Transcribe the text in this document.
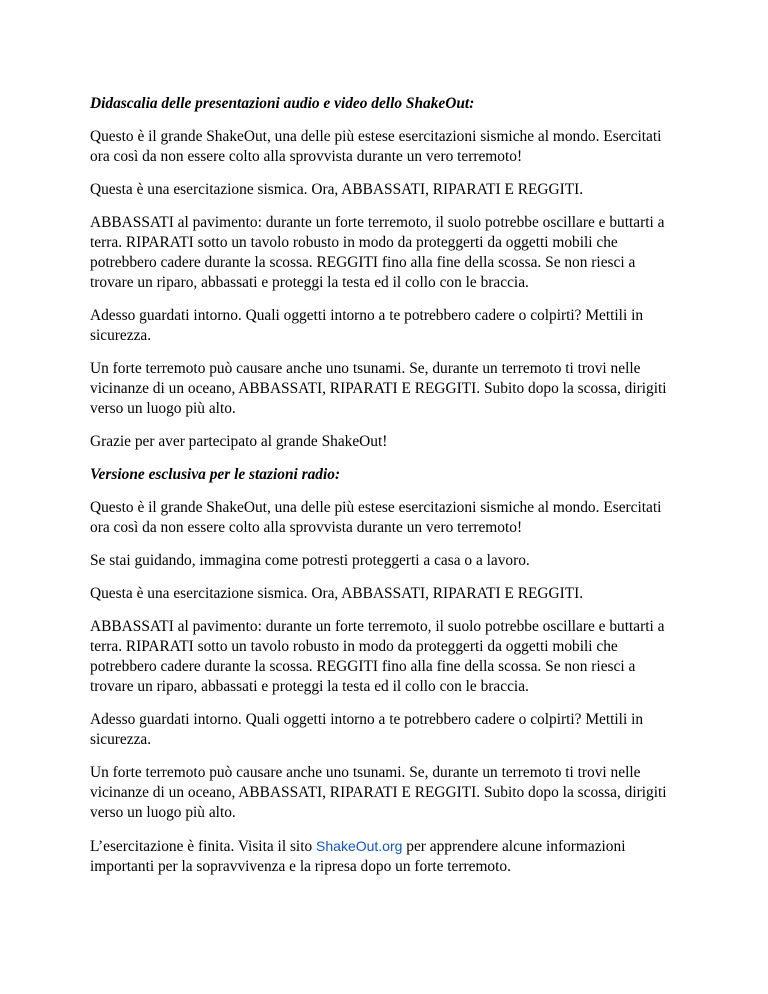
Didascalia delle presentazioni audio e video dello ShakeOut:

Questo è il grande ShakeOut, una delle più estese esercitazioni sismiche al mondo. Esercitati ora così da non essere colto alla sprovvista durante un vero terremoto!

Questa è una esercitazione sismica. Ora, ABBASSATI, RIPARATI E REGGITI.

ABBASSATI al pavimento: durante un forte terremoto, il suolo potrebbe oscillare e buttarti a terra. RIPARATI sotto un tavolo robusto in modo da proteggerti da oggetti mobili che potrebbero cadere durante la scossa. REGGITI fino alla fine della scossa. Se non riesci a trovare un riparo, abbassati e proteggi la testa ed il collo con le braccia.

Adesso guardati intorno. Quali oggetti intorno a te potrebbero cadere o colpirti? Mettili in sicurezza.

Un forte terremoto può causare anche uno tsunami. Se, durante un terremoto ti trovi nelle vicinanze di un oceano, ABBASSATI, RIPARATI E REGGITI. Subito dopo la scossa, dirigiti verso un luogo più alto.

Grazie per aver partecipato al grande ShakeOut!

Versione esclusiva per le stazioni radio:

Questo è il grande ShakeOut, una delle più estese esercitazioni sismiche al mondo. Esercitati ora così da non essere colto alla sprovvista durante un vero terremoto!

Se stai guidando, immagina come potresti proteggerti a casa o a lavoro.

Questa è una esercitazione sismica. Ora, ABBASSATI, RIPARATI E REGGITI.

ABBASSATI al pavimento: durante un forte terremoto, il suolo potrebbe oscillare e buttarti a terra. RIPARATI sotto un tavolo robusto in modo da proteggerti da oggetti mobili che potrebbero cadere durante la scossa. REGGITI fino alla fine della scossa. Se non riesci a trovare un riparo, abbassati e proteggi la testa ed il collo con le braccia.

Adesso guardati intorno. Quali oggetti intorno a te potrebbero cadere o colpirti? Mettili in sicurezza.

Un forte terremoto può causare anche uno tsunami. Se, durante un terremoto ti trovi nelle vicinanze di un oceano, ABBASSATI, RIPARATI E REGGITI. Subito dopo la scossa, dirigiti verso un luogo più alto.

L’esercitazione è finita. Visita il sito ShakeOut.org per apprendere alcune informazioni importanti per la sopravvivenza e la ripresa dopo un forte terremoto.
